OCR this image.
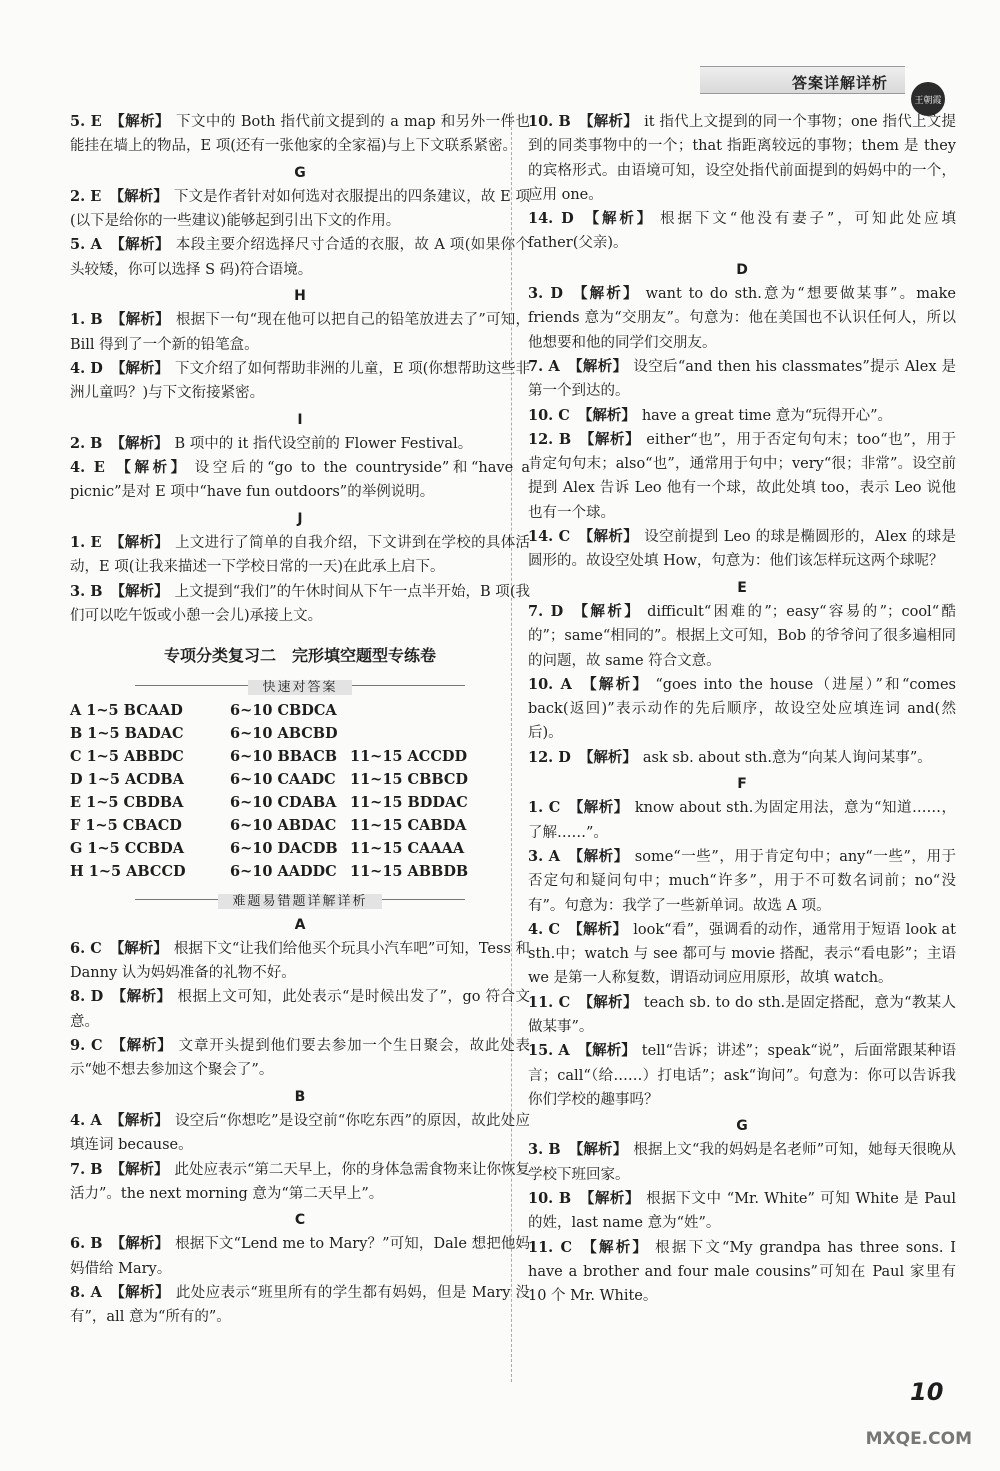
答案详解详析
王朝霞

5. E 【解析】 下文中的 Both 指代前文提到的 a map 和另外一件也能挂在墙上的物品，E 项(还有一张他家的全家福)与上下文联系紧密。

G

2. E 【解析】 下文是作者针对如何选对衣服提出的四条建议，故 E 项(以下是给你的一些建议)能够起到引出下文的作用。

5. A 【解析】 本段主要介绍选择尺寸合适的衣服，故 A 项(如果你个头较矮，你可以选择 S 码)符合语境。

H

1. B 【解析】 根据下一句“现在他可以把自己的铅笔放进去了”可知，Bill 得到了一个新的铅笔盒。

4. D 【解析】 下文介绍了如何帮助非洲的儿童，E 项(你想帮助这些非洲儿童吗？)与下文衔接紧密。

I

2. B 【解析】 B 项中的 it 指代设空前的 Flower Festival。

4. E 【解析】 设空后的“go to the countryside”和“have a picnic”是对 E 项中“have fun outdoors”的举例说明。

J

1. E 【解析】 上文进行了简单的自我介绍，下文讲到在学校的具体活动，E 项(让我来描述一下学校日常的一天)在此承上启下。

3. B 【解析】 上文提到“我们”的午休时间从下午一点半开始，B 项(我们可以吃午饭或小憩一会儿)承接上文。

专项分类复习二　完形填空题型专练卷
快速对答案
A 1~5 BCAAD	6~10 CBDCA
B 1~5 BADAC	6~10 ABCBD
C 1~5 ABBDC	6~10 BBACB 11~15 ACCDD
D 1~5 ACDBA	6~10 CAADC 11~15 CBBCD
E 1~5 CBDBA	6~10 CDABA 11~15 BDDAC
F 1~5 CBACD	6~10 ABDAC 11~15 CABDA
G 1~5 CCBDA	6~10 DACDB 11~15 CAAAA
H 1~5 ABCCD	6~10 AADDC 11~15 ABBDB
难题易错题详解详析
A

6. C 【解析】 根据下文“让我们给他买个玩具小汽车吧”可知，Tess 和 Danny 认为妈妈准备的礼物不好。

8. D 【解析】 根据上文可知，此处表示“是时候出发了”，go 符合文意。

9. C 【解析】 文章开头提到他们要去参加一个生日聚会，故此处表示“她不想去参加这个聚会了”。

B

4. A 【解析】 设空后“你想吃”是设空前“你吃东西”的原因，故此处应填连词 because。

7. B 【解析】 此处应表示“第二天早上，你的身体急需食物来让你恢复活力”。the next morning 意为“第二天早上”。

C

6. B 【解析】 根据下文“Lend me to Mary？”可知，Dale 想把他妈妈借给 Mary。

8. A 【解析】 此处应表示“班里所有的学生都有妈妈，但是 Mary 没有”，all 意为“所有的”。

10. B 【解析】 it 指代上文提到的同一个事物；one 指代上文提到的同类事物中的一个；that 指距离较远的事物；them 是 they 的宾格形式。由语境可知，设空处指代前面提到的妈妈中的一个，应用 one。

14. D 【解析】 根据下文“他没有妻子”，可知此处应填 father(父亲)。

D

3. D 【解析】 want to do sth.意为“想要做某事”。make friends 意为“交朋友”。句意为：他在美国也不认识任何人，所以他想要和他的同学们交朋友。

7. A 【解析】 设空后“and then his classmates”提示 Alex 是第一个到达的。

10. C 【解析】 have a great time 意为“玩得开心”。

12. B 【解析】 either“也”，用于否定句句末；too“也”，用于肯定句句末；also“也”，通常用于句中；very“很；非常”。设空前提到 Alex 告诉 Leo 他有一个球，故此处填 too，表示 Leo 说他也有一个球。

14. C 【解析】 设空前提到 Leo 的球是椭圆形的，Alex 的球是圆形的。故设空处填 How，句意为：他们该怎样玩这两个球呢？

E

7. D 【解析】 difficult“困难的”；easy“容易的”；cool“酷的”；same“相同的”。根据上文可知，Bob 的爷爷问了很多遍相同的问题，故 same 符合文意。

10. A 【解析】 “goes into the house（进屋）”和“comes back(返回)”表示动作的先后顺序，故设空处应填连词 and(然后)。

12. D 【解析】 ask sb. about sth.意为“向某人询问某事”。

F

1. C 【解析】 know about sth.为固定用法，意为“知道……，了解……”。

3. A 【解析】 some“一些”，用于肯定句中；any“一些”，用于否定句和疑问句中；much“许多”，用于不可数名词前；no“没有”。句意为：我学了一些新单词。故选 A 项。

4. C 【解析】 look“看”，强调看的动作，通常用于短语 look at sth.中；watch 与 see 都可与 movie 搭配，表示“看电影”；主语 we 是第一人称复数，谓语动词应用原形，故填 watch。

11. C 【解析】 teach sb. to do sth.是固定搭配，意为“教某人做某事”。

15. A 【解析】 tell“告诉；讲述”；speak“说”，后面常跟某种语言；call“（给……）打电话”；ask“询问”。句意为：你可以告诉我你们学校的趣事吗？

G

3. B 【解析】 根据上文“我的妈妈是名老师”可知，她每天很晚从学校下班回家。

10. B 【解析】 根据下文中 “Mr. White” 可知 White 是 Paul 的姓，last name 意为“姓”。

11. C 【解析】 根据下文“My grandpa has three sons. I have a brother and four male cousins”可知在 Paul 家里有 10 个 Mr. White。

10
MXQE.COM
